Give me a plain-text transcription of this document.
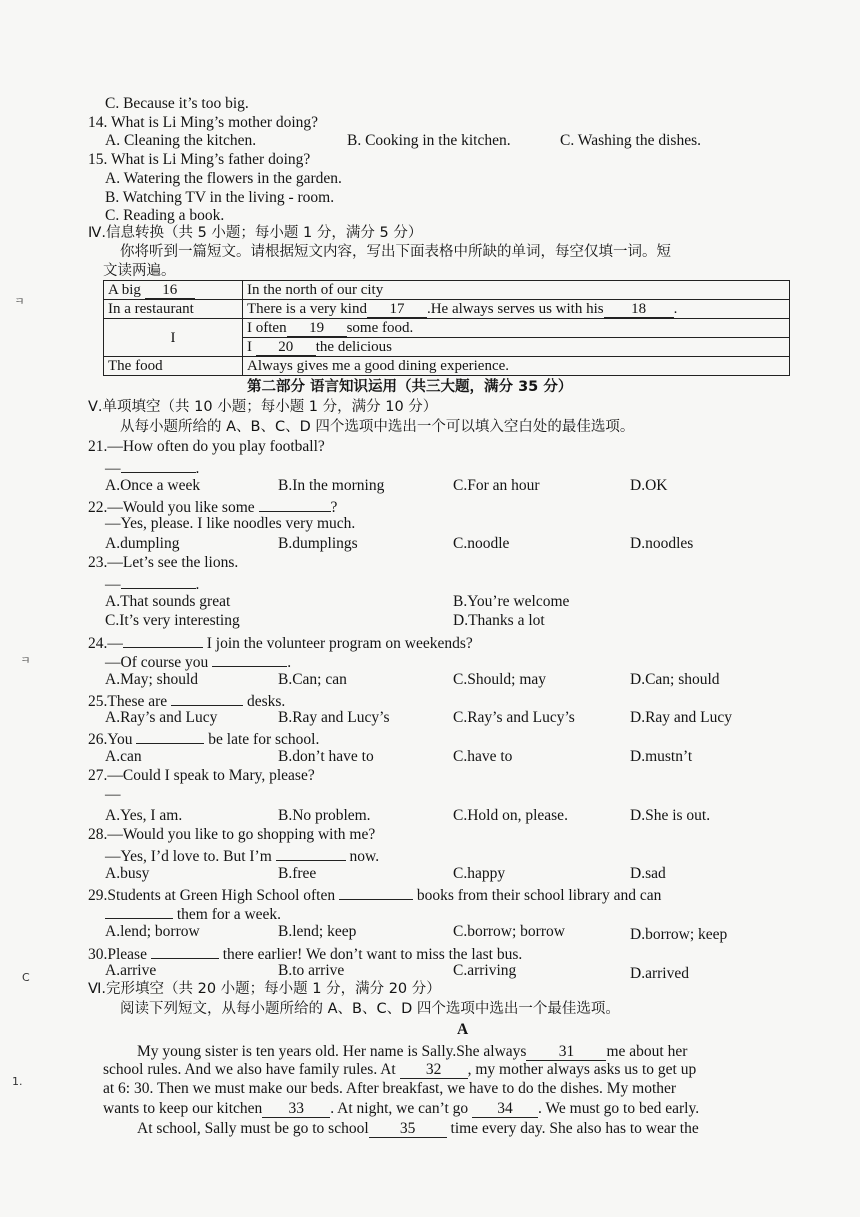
ㅋ
ㅋ
C
1.
C. Because it’s too big.
14. What is Li Ming’s mother doing?
A. Cleaning the kitchen.	B. Cooking in the kitchen.	C. Washing the dishes.
15. What is Li Ming’s father doing?
A. Watering the flowers in the garden.
B. Watching TV in the living - room.
C. Reading a book.
Ⅳ.信息转换（共 5 小题；每小题 1 分，满分 5 分）
你将听到一篇短文。请根据短文内容，写出下面表格中所缺的单词，每空仅填一词。短
文读两遍。
A big 16	In the north of our city
In a restaurant	There is a very kind 17 .He always serves us with his 18 .
I	I often 19 some food.
	I 20 the delicious
The food	Always gives me a good dining experience.
第二部分 语言知识运用（共三大题，满分 35 分）
Ⅴ.单项填空（共 10 小题；每小题 1 分，满分 10 分）
从每小题所给的 A、B、C、D 四个选项中选出一个可以填入空白处的最佳选项。
21.—How often do you play football?
—	.
A.Once a week	B.In the morning	C.For an hour	D.OK
22.—Would you like some	?
—Yes, please. I like noodles very much.
A.dumpling	B.dumplings	C.noodle	D.noodles
23.—Let’s see the lions.
—	.
A.That sounds great	B.You’re welcome
C.It’s very interesting	D.Thanks a lot
24.—	I join the volunteer program on weekends?
—Of course you	.
A.May; should	B.Can; can	C.Should; may	D.Can; should
25.These are	desks.
A.Ray’s and Lucy	B.Ray and Lucy’s	C.Ray’s and Lucy’s	D.Ray and Lucy
26.You	be late for school.
A.can	B.don’t have to	C.have to	D.mustn’t
27.—Could I speak to Mary, please?
—
A.Yes, I am.	B.No problem.	C.Hold on, please.	D.She is out.
28.—Would you like to go shopping with me?
—Yes, I’d love to. But I’m	now.
A.busy	B.free	C.happy	D.sad
29.Students at Green High School often	books from their school library and can
them for a week.
A.lend; borrow	B.lend; keep	C.borrow; borrow	D.borrow; keep
30.Please	there earlier! We don’t want to miss the last bus.
A.arrive	B.to arrive	C.arriving	D.arrived
Ⅵ.完形填空（共 20 小题；每小题 1 分，满分 20 分）
阅读下列短文，从每小题所给的 A、B、C、D 四个选项中选出一个最佳选项。
A
My young sister is ten years old. Her name is Sally.She always 31 me about her
school rules. And we also have family rules. At 32 , my mother always asks us to get up
at 6: 30. Then we must make our beds. After breakfast, we have to do the dishes. My mother
wants to keep our kitchen 33 . At night, we can’t go 34 . We must go to bed early.
At school, Sally must be go to school 35 time every day. She also has to wear the
